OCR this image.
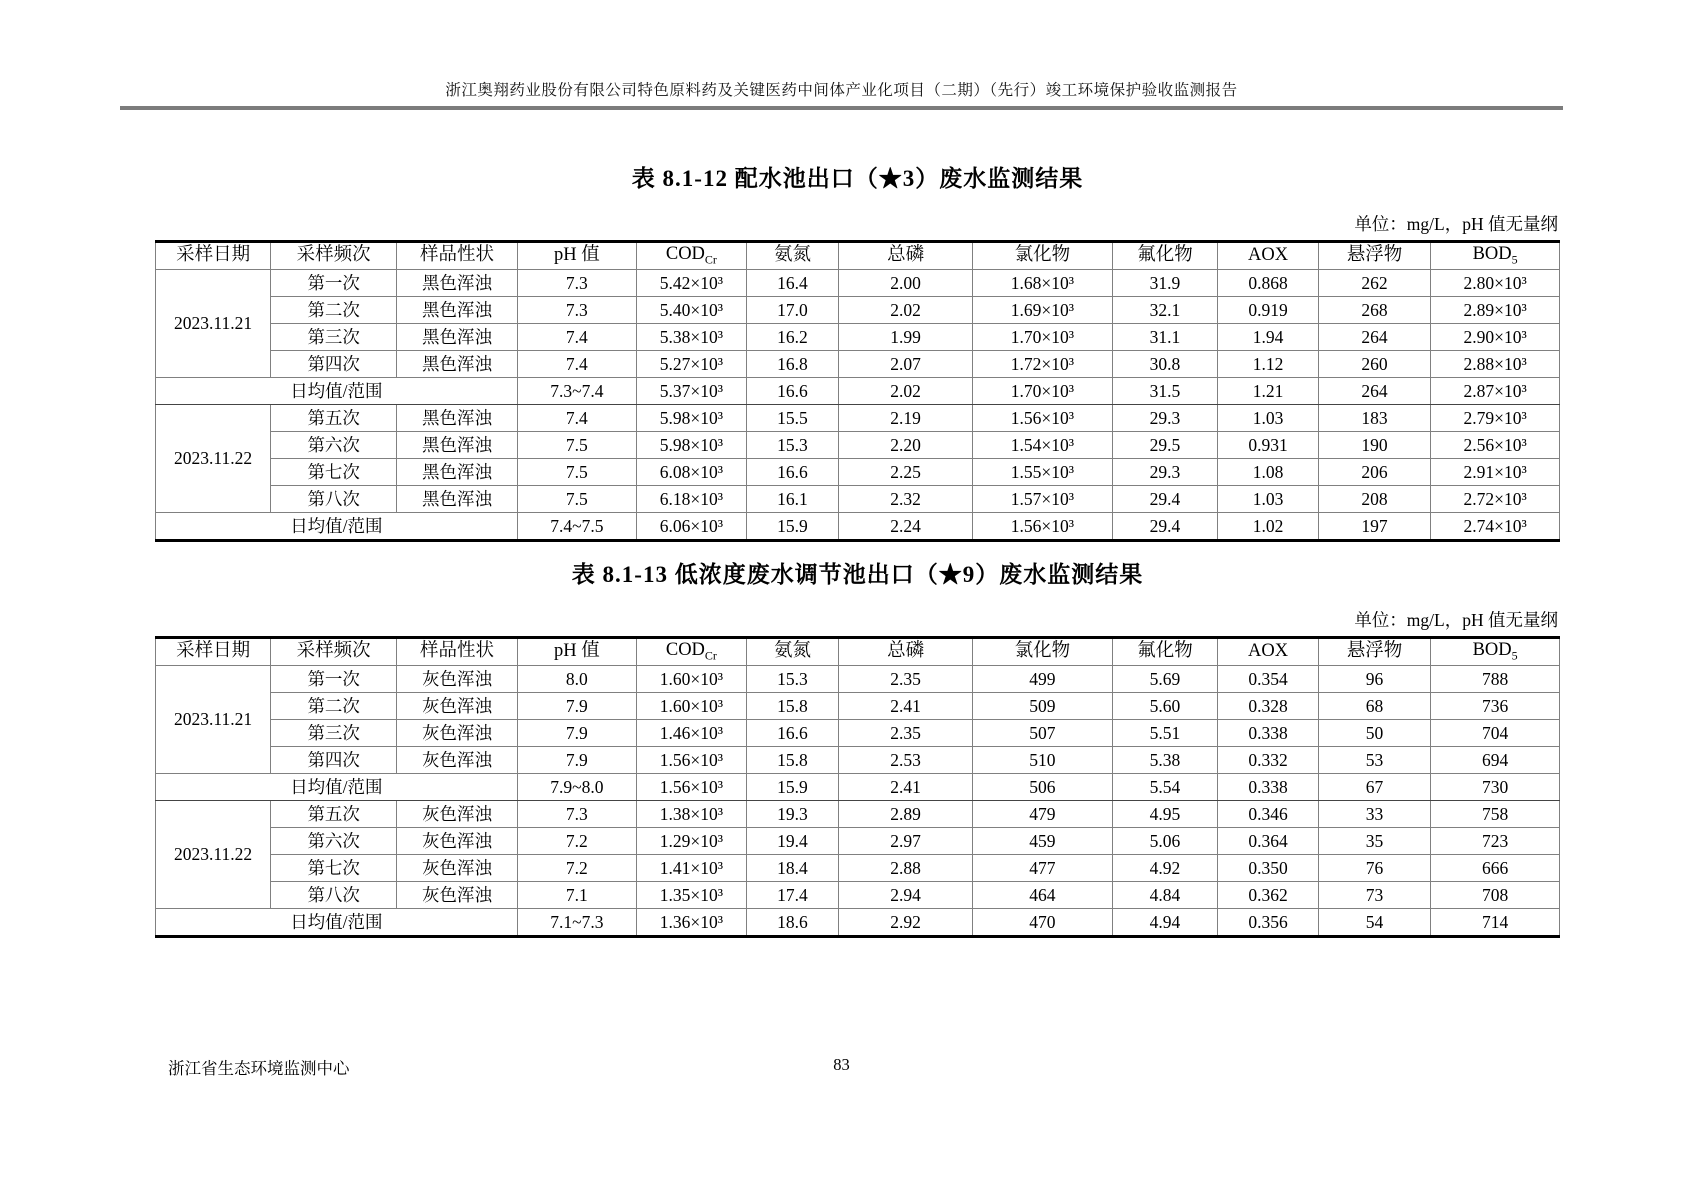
浙江奥翔药业股份有限公司特色原料药及关键医药中间体产业化项目（二期）（先行）竣工环境保护验收监测报告
表 8.1-12 配水池出口（★3）废水监测结果
单位：mg/L，pH 值无量纲
采样日期	采样频次	样品性状	pH 值	$COD_{Cr}$	氨氮	总磷	氯化物	氟化物	AOX	悬浮物	$BOD_5$
2023.11.21	第一次	黑色浑浊	7.3	5.42×10³	16.4	2.00	1.68×10³	31.9	0.868	262	2.80×10³
	第二次	黑色浑浊	7.3	5.40×10³	17.0	2.02	1.69×10³	32.1	0.919	268	2.89×10³
	第三次	黑色浑浊	7.4	5.38×10³	16.2	1.99	1.70×10³	31.1	1.94	264	2.90×10³
	第四次	黑色浑浊	7.4	5.27×10³	16.8	2.07	1.72×10³	30.8	1.12	260	2.88×10³
日均值/范围			7.3~7.4	5.37×10³	16.6	2.02	1.70×10³	31.5	1.21	264	2.87×10³
2023.11.22	第五次	黑色浑浊	7.4	5.98×10³	15.5	2.19	1.56×10³	29.3	1.03	183	2.79×10³
	第六次	黑色浑浊	7.5	5.98×10³	15.3	2.20	1.54×10³	29.5	0.931	190	2.56×10³
	第七次	黑色浑浊	7.5	6.08×10³	16.6	2.25	1.55×10³	29.3	1.08	206	2.91×10³
	第八次	黑色浑浊	7.5	6.18×10³	16.1	2.32	1.57×10³	29.4	1.03	208	2.72×10³
日均值/范围			7.4~7.5	6.06×10³	15.9	2.24	1.56×10³	29.4	1.02	197	2.74×10³
表 8.1-13 低浓度废水调节池出口（★9）废水监测结果
单位：mg/L，pH 值无量纲
采样日期	采样频次	样品性状	pH 值	$COD_{Cr}$	氨氮	总磷	氯化物	氟化物	AOX	悬浮物	$BOD_5$
2023.11.21	第一次	灰色浑浊	8.0	1.60×10³	15.3	2.35	499	5.69	0.354	96	788
	第二次	灰色浑浊	7.9	1.60×10³	15.8	2.41	509	5.60	0.328	68	736
	第三次	灰色浑浊	7.9	1.46×10³	16.6	2.35	507	5.51	0.338	50	704
	第四次	灰色浑浊	7.9	1.56×10³	15.8	2.53	510	5.38	0.332	53	694
日均值/范围			7.9~8.0	1.56×10³	15.9	2.41	506	5.54	0.338	67	730
2023.11.22	第五次	灰色浑浊	7.3	1.38×10³	19.3	2.89	479	4.95	0.346	33	758
	第六次	灰色浑浊	7.2	1.29×10³	19.4	2.97	459	5.06	0.364	35	723
	第七次	灰色浑浊	7.2	1.41×10³	18.4	2.88	477	4.92	0.350	76	666
	第八次	灰色浑浊	7.1	1.35×10³	17.4	2.94	464	4.84	0.362	73	708
日均值/范围			7.1~7.3	1.36×10³	18.6	2.92	470	4.94	0.356	54	714
83
浙江省生态环境监测中心
